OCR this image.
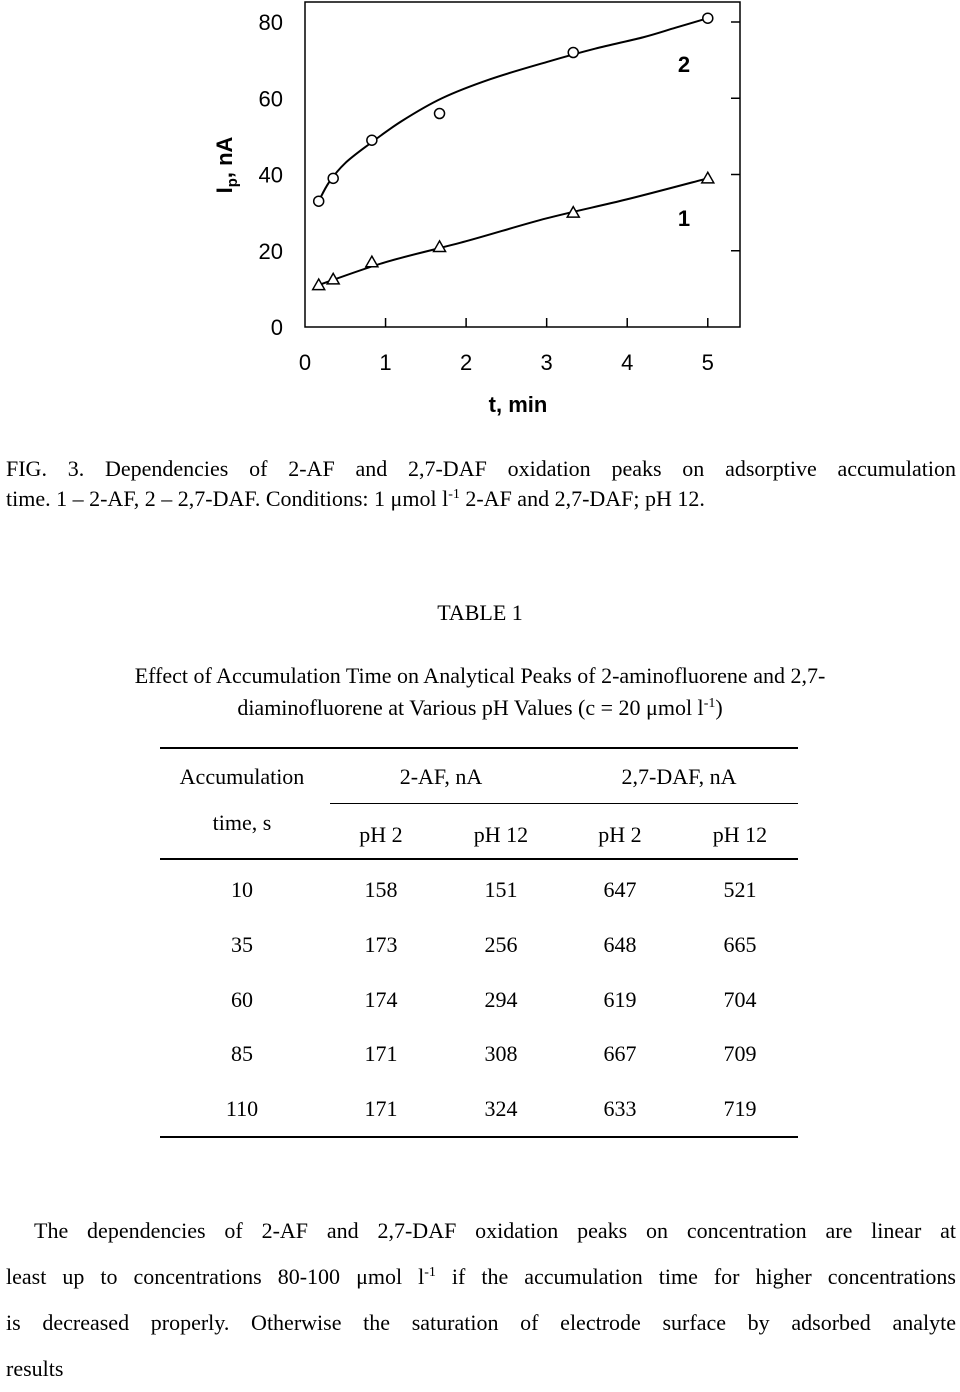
0
20
40
60
80
0	1	2	3	4	5
2
1
t, min
$I_p$, nA
FIG. 3. Dependencies of 2-AF and 2,7-DAF oxidation peaks on adsorptive accumulation
time. 1 – 2-AF, 2 – 2,7-DAF. Conditions: 1 μmol $l^{-1}$ 2-AF and 2,7-DAF; pH 12.
TABLE 1
Effect of Accumulation Time on Analytical Peaks of 2-aminofluorene and 2,7-
diaminofluorene at Various pH Values (c = 20 μmol $l^{-1}$)
Accumulation
time, s
2-AF, nA	2,7-DAF, nA
pH 2	pH 12	pH 2	pH 12
10	158	151	647	521
35	173	256	648	665
60	174	294	619	704
85	171	308	667	709
110	171	324	633	719
The dependencies of 2-AF and 2,7-DAF oxidation peaks on concentration are linear at
least up to concentrations 80-100 μmol $l^{-1}$ if the accumulation time for higher concentrations
is decreased properly. Otherwise the saturation of electrode surface by adsorbed analyte
results
